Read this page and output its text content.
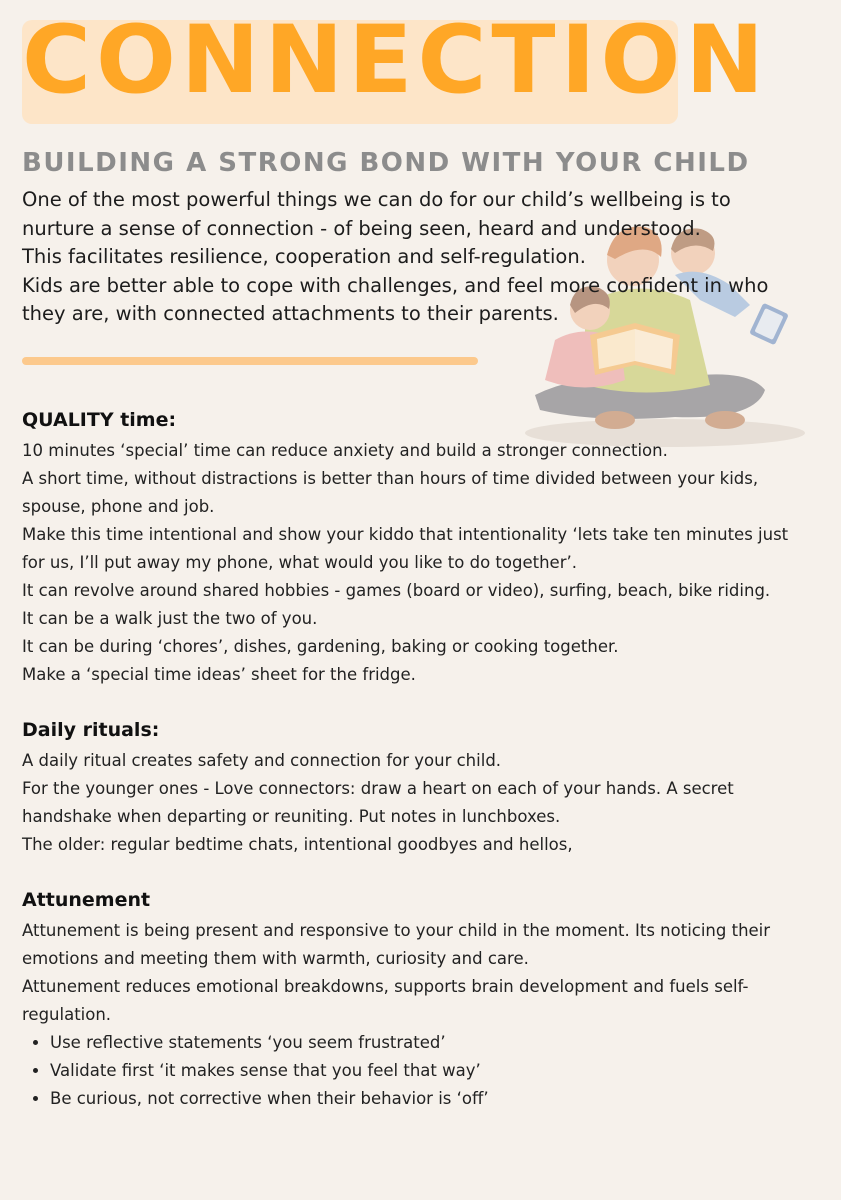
CONNECTION
BUILDING A STRONG BOND WITH YOUR CHILD

One of the most powerful things we can do for our child’s wellbeing is to

nurture a sense of connection - of being seen, heard and understood.

This facilitates resilience, cooperation and self-regulation.

Kids are better able to cope with challenges, and feel more confident in who

they are, with connected attachments to their parents.

QUALITY time:

10 minutes ‘special’ time can reduce anxiety and build a stronger connection.

A short time, without distractions is better than hours of time divided between your kids,

spouse, phone and job.

Make this time intentional and show your kiddo that intentionality ‘lets take ten minutes just

for us, I’ll put away my phone, what would you like to do together’.

It can revolve around shared hobbies - games (board or video), surfing, beach, bike riding.

It can be a walk just the two of you.

It can be during ‘chores’, dishes, gardening, baking or cooking together.

Make a ‘special time ideas’ sheet for the fridge.

Daily rituals:

A daily ritual creates safety and connection for your child.

For the younger ones - Love connectors: draw a heart on each of your hands. A secret

handshake when departing or reuniting. Put notes in lunchboxes.

The older: regular bedtime chats, intentional goodbyes and hellos,

Attunement

Attunement is being present and responsive to your child in the moment. Its noticing their

emotions and meeting them with warmth, curiosity and care.

Attunement reduces emotional breakdowns, supports brain development and fuels self-

regulation.

• Use reflective statements ‘you seem frustrated’
• Validate first ‘it makes sense that you feel that way’
• Be curious, not corrective when their behavior is ‘off’
